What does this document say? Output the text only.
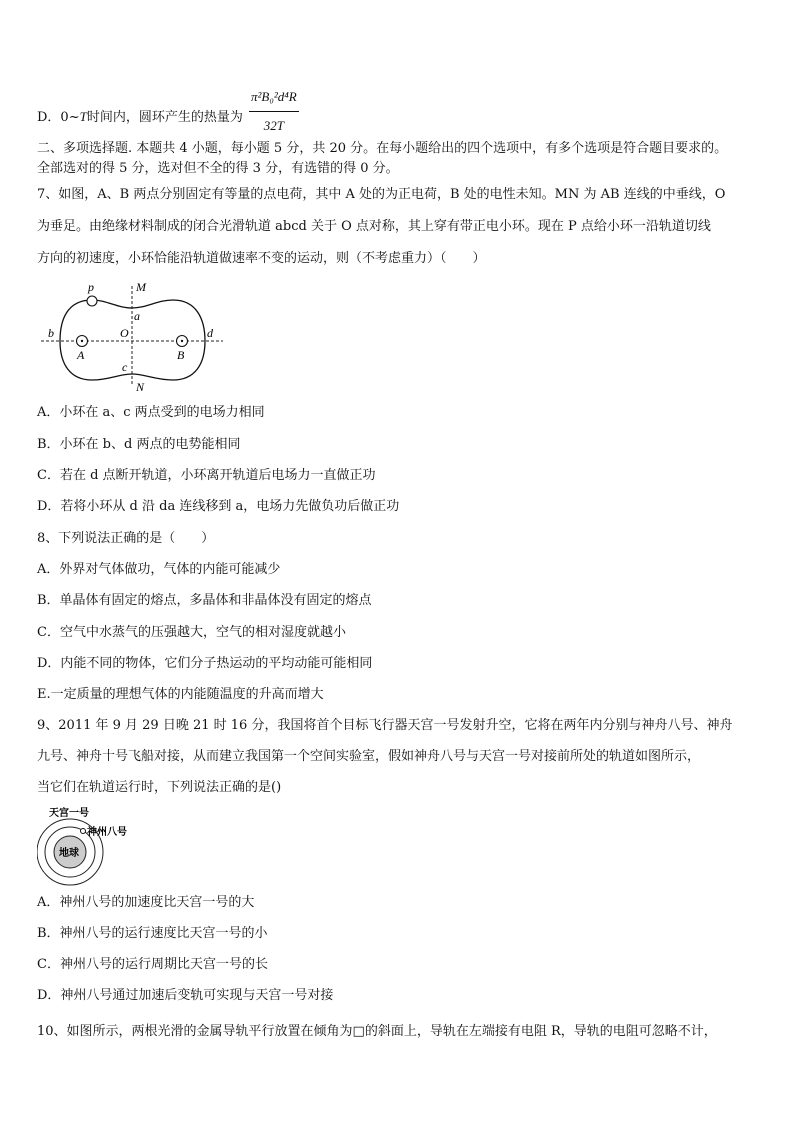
D．0~T时间内，圆环产生的热量为 $\frac{\text{π²B₀²d⁴R}}{32T}$
二、多项选择题. 本题共 4 小题，每小题 5 分，共 20 分。在每小题给出的四个选项中，有多个选项是符合题目要求的。
全部选对的得 5 分，选对但不全的得 3 分，有选错的得 0 分。
7、如图，A、B 两点分别固定有等量的点电荷，其中 A 处的为正电荷，B 处的电性未知。MN 为 AB 连线的中垂线，O
为垂足。由绝缘材料制成的闭合光滑轨道 abcd 关于 O 点对称，其上穿有带正电小环。现在 P 点给小环一沿轨道切线
方向的初速度，小环恰能沿轨道做速率不变的运动，则（不考虑重力）（　　）
p	M
a
b	O	d
A	B
c
N
A．小环在 a、c 两点受到的电场力相同
B．小环在 b、d 两点的电势能相同
C．若在 d 点断开轨道，小环离开轨道后电场力一直做正功
D．若将小环从 d 沿 da 连线移到 a，电场力先做负功后做正功
8、下列说法正确的是（　　）
A．外界对气体做功，气体的内能可能减少
B．单晶体有固定的熔点，多晶体和非晶体没有固定的熔点
C．空气中水蒸气的压强越大，空气的相对湿度就越小
D．内能不同的物体，它们分子热运动的平均动能可能相同
E.一定质量的理想气体的内能随温度的升高而增大
9、2011 年 9 月 29 日晚 21 时 16 分，我国将首个目标飞行器天宫一号发射升空，它将在两年内分别与神舟八号、神舟
九号、神舟十号飞船对接，从而建立我国第一个空间实验室，假如神舟八号与天宫一号对接前所处的轨道如图所示，
当它们在轨道运行时，下列说法正确的是()
天宫一号
神州八号
地球
A．神州八号的加速度比天宫一号的大
B．神州八号的运行速度比天宫一号的小
C．神州八号的运行周期比天宫一号的长
D．神州八号通过加速后变轨可实现与天宫一号对接
10、如图所示，两根光滑的金属导轨平行放置在倾角为□的斜面上，导轨在左端接有电阻 R，导轨的电阻可忽略不计，
